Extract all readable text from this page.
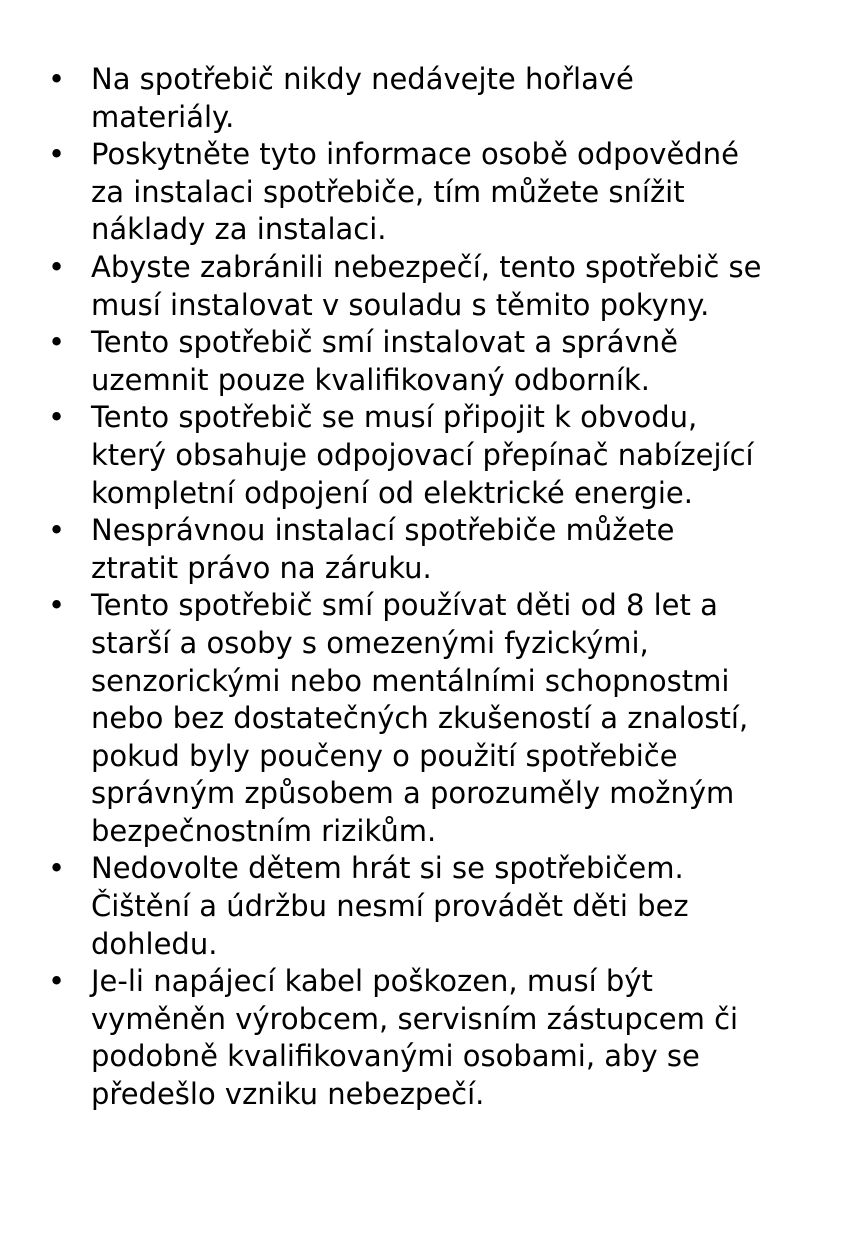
• Na spotřebič nikdy nedávejte hořlavé
materiály.
• Poskytněte tyto informace osobě odpovědné
za instalaci spotřebiče, tím můžete snížit
náklady za instalaci.
• Abyste zabránili nebezpečí, tento spotřebič se
musí instalovat v souladu s těmito pokyny.
• Tento spotřebič smí instalovat a správně
uzemnit pouze kvalifikovaný odborník.
• Tento spotřebič se musí připojit k obvodu,
který obsahuje odpojovací přepínač nabízející
kompletní odpojení od elektrické energie.
• Nesprávnou instalací spotřebiče můžete
ztratit právo na záruku.
• Tento spotřebič smí používat děti od 8 let a
starší a osoby s omezenými fyzickými,
senzorickými nebo mentálními schopnostmi
nebo bez dostatečných zkušeností a znalostí,
pokud byly poučeny o použití spotřebiče
správným způsobem a porozuměly možným
bezpečnostním rizikům.
• Nedovolte dětem hrát si se spotřebičem.
Čištění a údržbu nesmí provádět děti bez
dohledu.
• Je-li napájecí kabel poškozen, musí být
vyměněn výrobcem, servisním zástupcem či
podobně kvalifikovanými osobami, aby se
předešlo vzniku nebezpečí.
